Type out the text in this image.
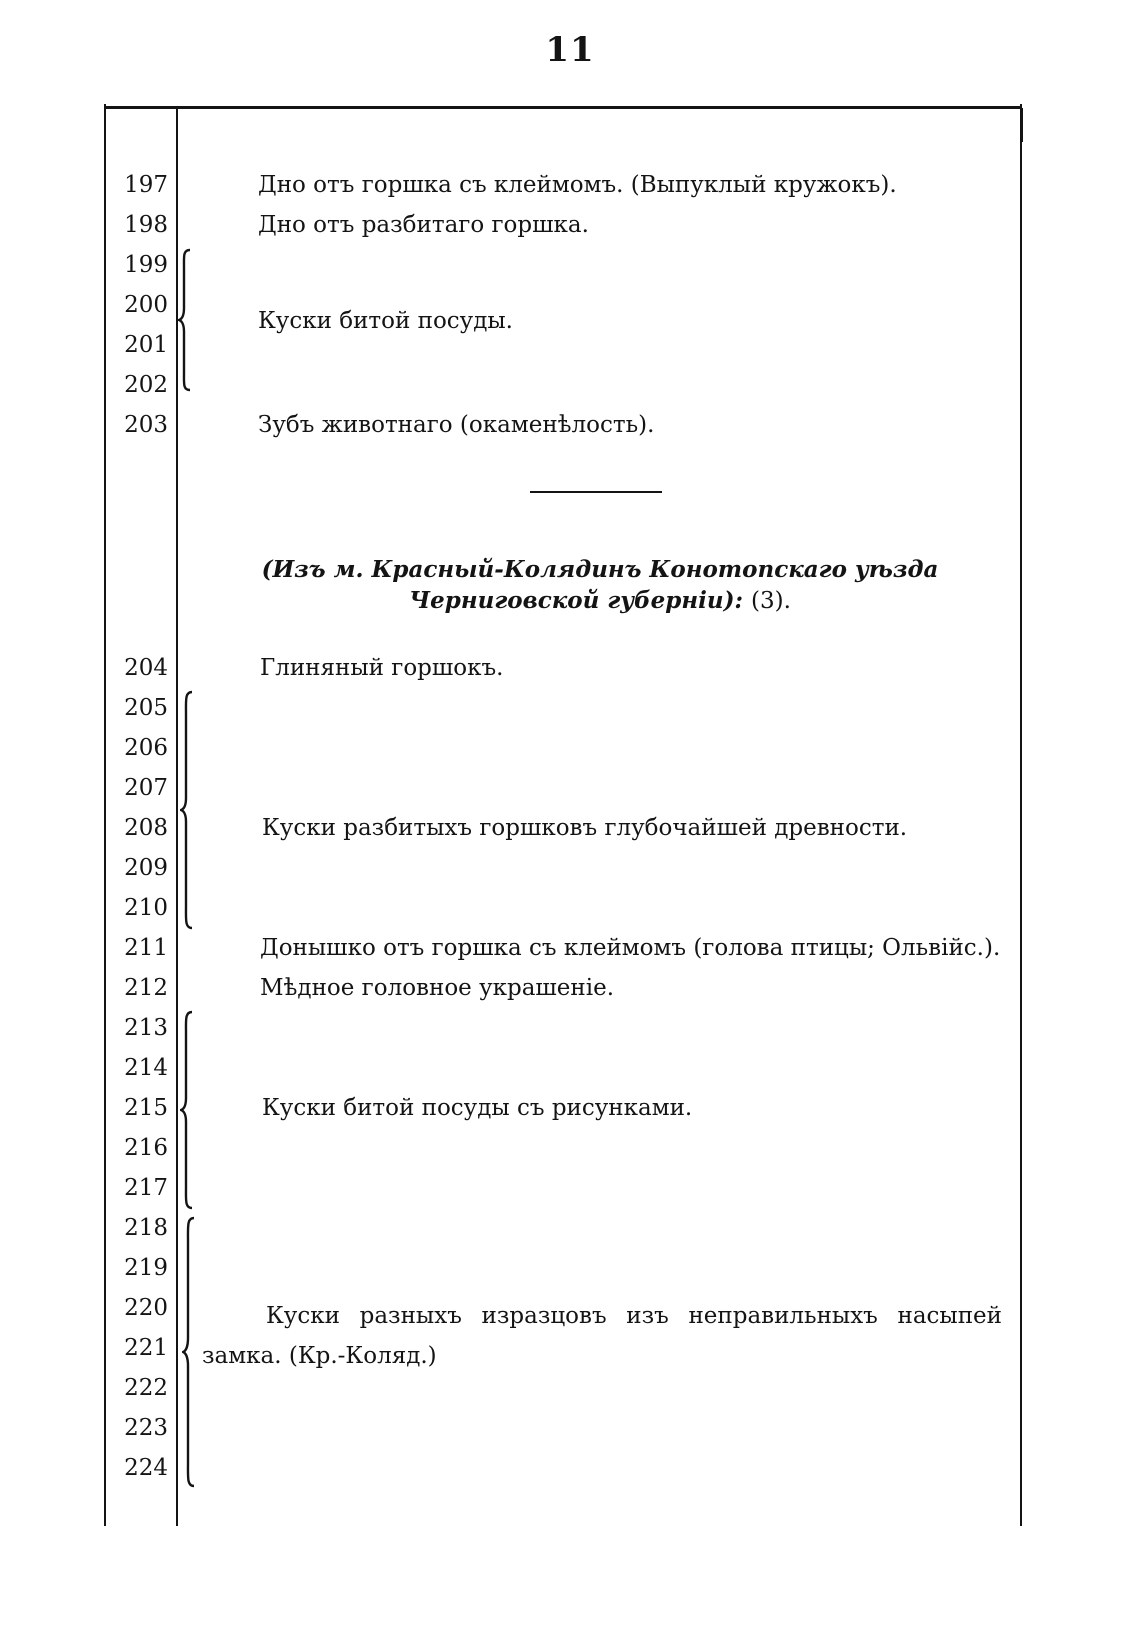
11
197
198
199
200
201
202
203
204
205
206
207
208
209
210
211
212
213
214
215
216
217
218
219
220
221
222
223
224
Дно отъ горшка съ клеймомъ. (Выпуклый кружокъ).
Дно отъ разбитаго горшка.
Куски битой посуды.
Зубъ животнаго (окаменѣлость).
(Изъ м. Красный-Колядинъ Конотопскаго уѣзда Черниговской губерніи): (3).
Глиняный горшокъ.
Куски разбитыхъ горшковъ глубочайшей древности.
Донышко отъ горшка съ клеймомъ (голова птицы; Ольвійс.).
Мѣдное головное украшеніе.
Куски битой посуды съ рисунками.
Куски разныхъ изразцовъ изъ неправильныхъ насыпей
замка. (Кр.-Коляд.)
